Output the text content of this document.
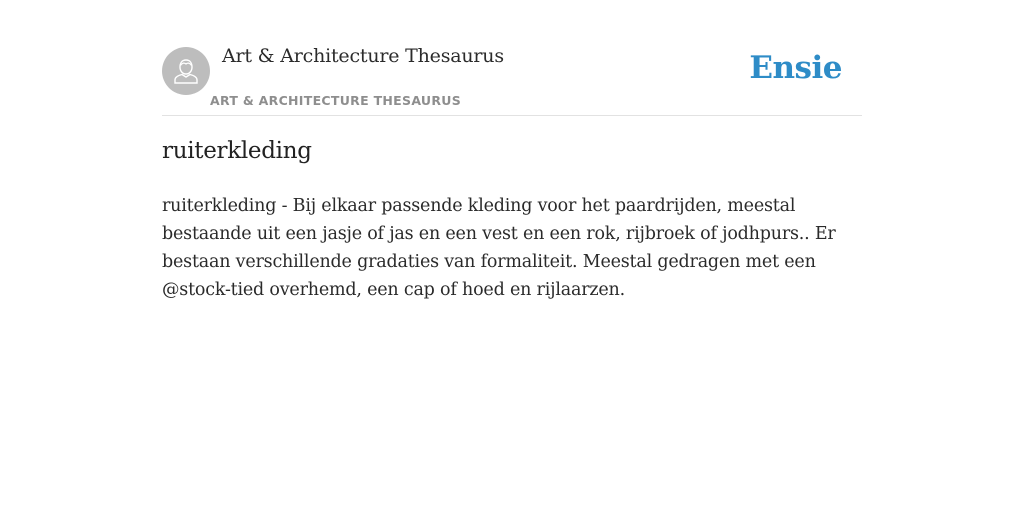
Art & Architecture Thesaurus
ART & ARCHITECTURE THESAURUS
Ensie
ruiterkleding

ruiterkleding - Bij elkaar passende kleding voor het paardrijden, meestal bestaande uit een jasje of jas en een vest en een rok, rijbroek of jodhpurs.. Er bestaan verschillende gradaties van formaliteit. Meestal gedragen met een @stock-tied overhemd, een cap of hoed en rijlaarzen.
